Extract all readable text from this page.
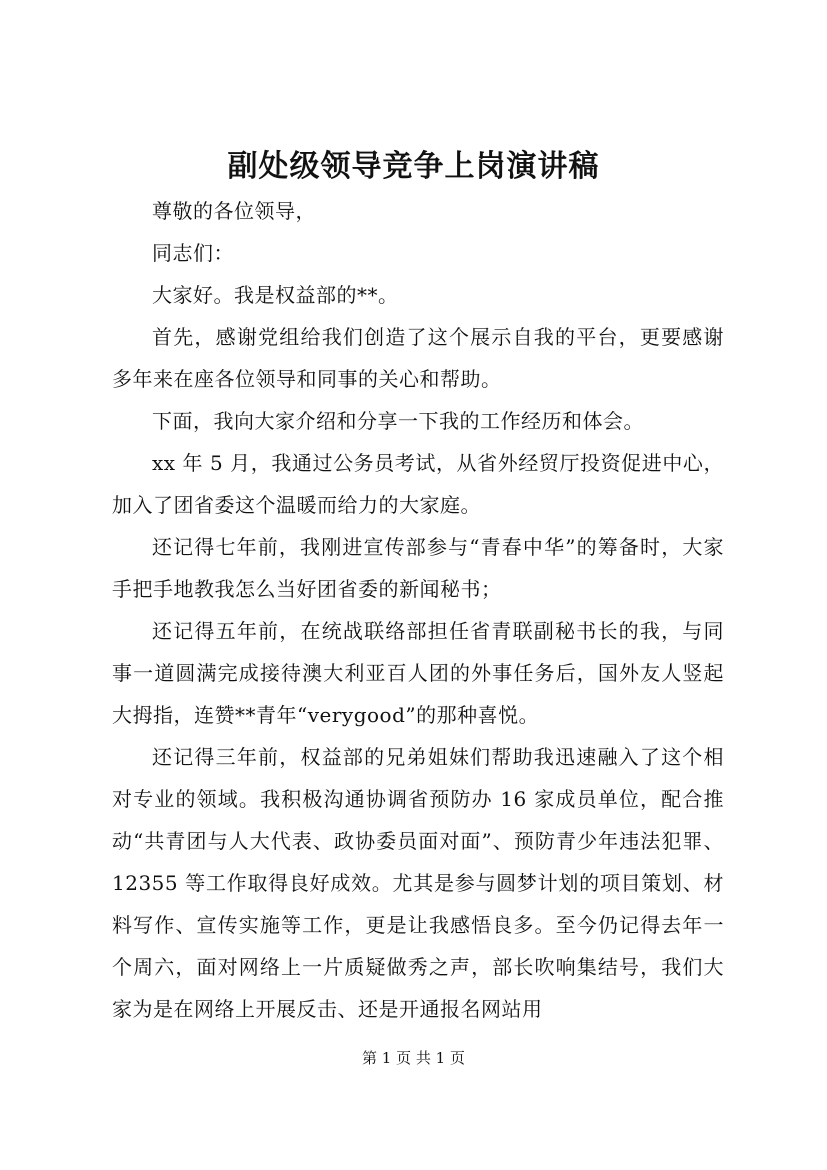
副处级领导竞争上岗演讲稿

尊敬的各位领导，

同志们：

大家好。我是权益部的**。

首先，感谢党组给我们创造了这个展示自我的平台，更要感谢多年来在座各位领导和同事的关心和帮助。

下面，我向大家介绍和分享一下我的工作经历和体会。

xx 年 5 月，我通过公务员考试，从省外经贸厅投资促进中心，加入了团省委这个温暖而给力的大家庭。

还记得七年前，我刚进宣传部参与“青春中华”的筹备时，大家手把手地教我怎么当好团省委的新闻秘书；

还记得五年前，在统战联络部担任省青联副秘书长的我，与同事一道圆满完成接待澳大利亚百人团的外事任务后，国外友人竖起大拇指，连赞**青年“verygood”的那种喜悦。

还记得三年前，权益部的兄弟姐妹们帮助我迅速融入了这个相对专业的领域。我积极沟通协调省预防办 16 家成员单位，配合推动“共青团与人大代表、政协委员面对面”、预防青少年违法犯罪、12355 等工作取得良好成效。尤其是参与圆梦计划的项目策划、材料写作、宣传实施等工作，更是让我感悟良多。至今仍记得去年一个周六，面对网络上一片质疑做秀之声，部长吹响集结号，我们大家为是在网络上开展反击、还是开通报名网站用

第 1 页 共 1 页
